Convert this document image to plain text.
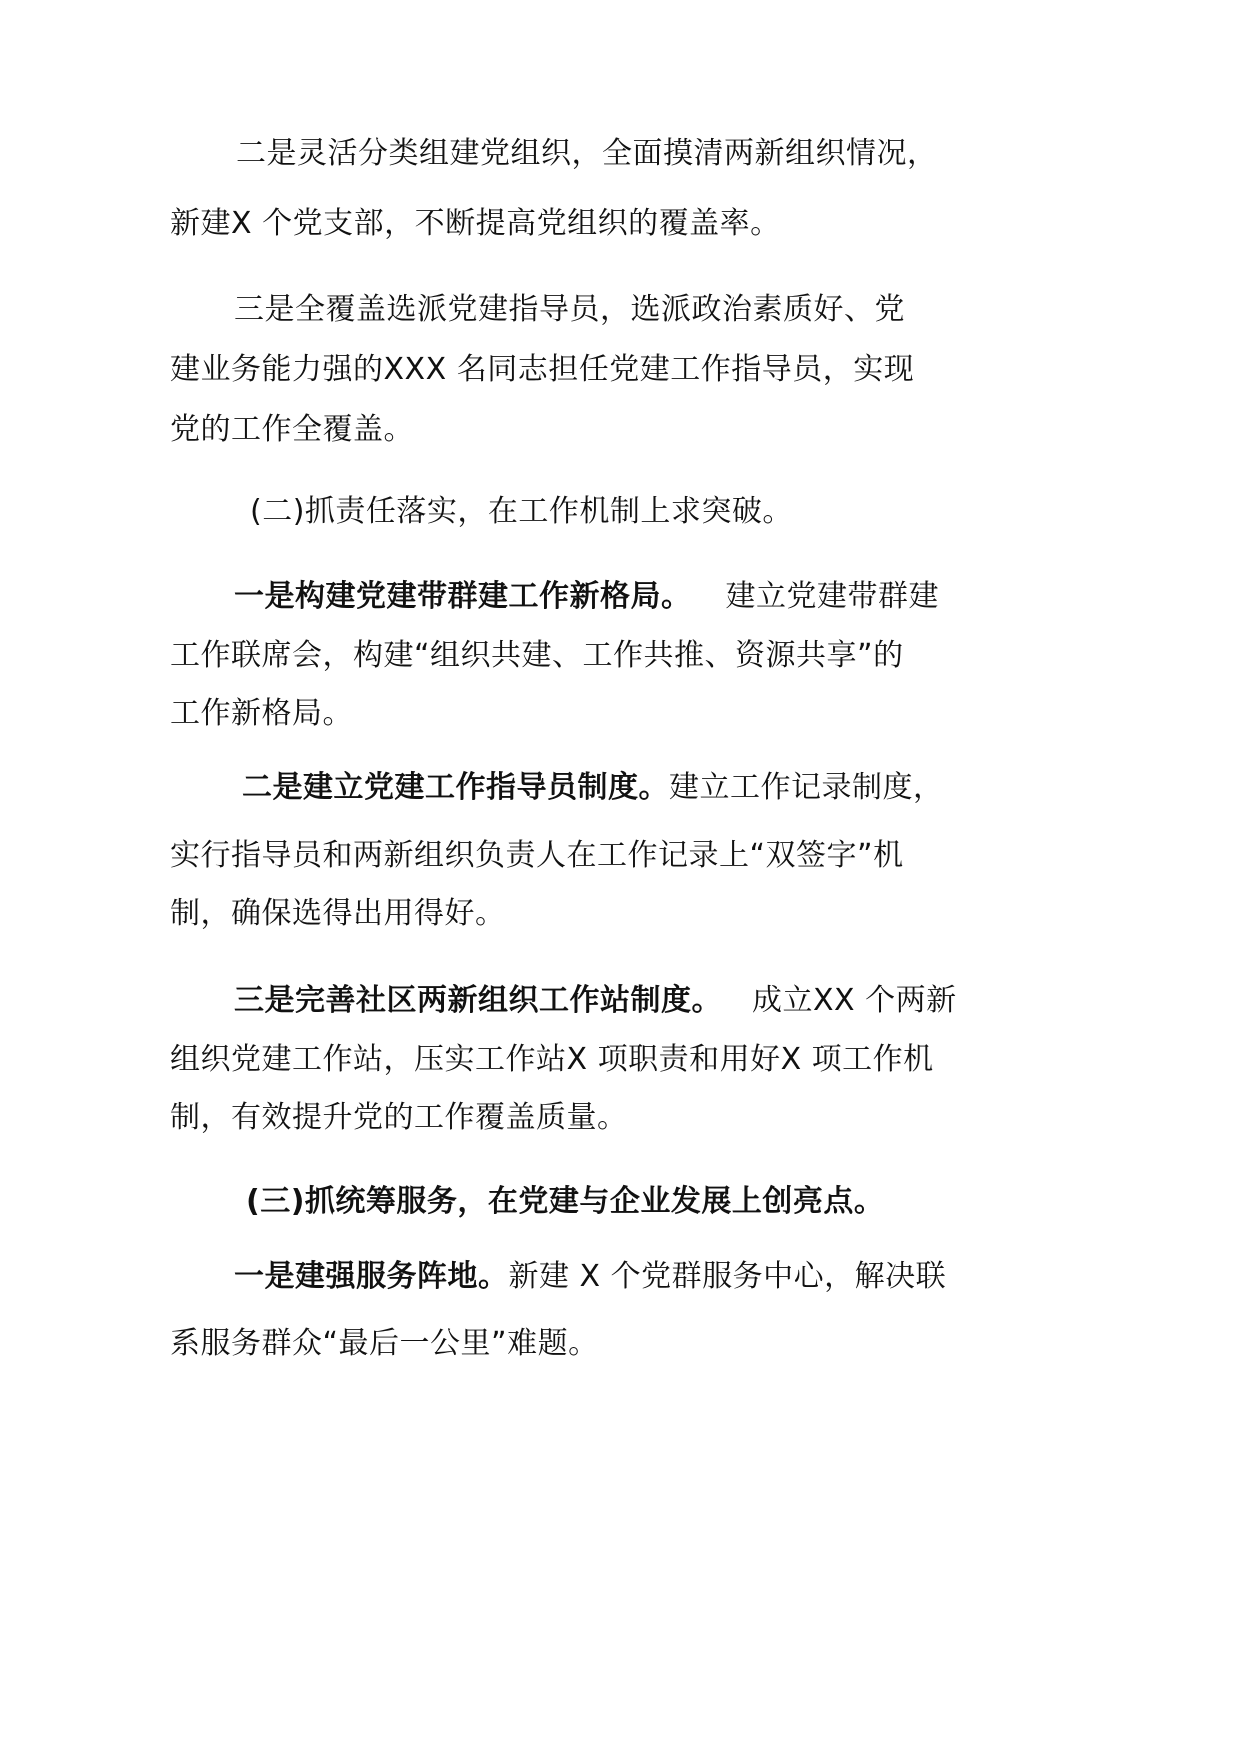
二是灵活分类组建党组织，全面摸清两新组织情况，
新建X 个党支部，不断提高党组织的覆盖率。
三是全覆盖选派党建指导员，选派政治素质好、党
建业务能力强的XXX 名同志担任党建工作指导员，实现
党的工作全覆盖。
(二)抓责任落实，在工作机制上求突破。
一是构建党建带群建工作新格局。 建立党建带群建
工作联席会，构建“组织共建、工作共推、资源共享”的
工作新格局。
二是建立党建工作指导员制度。建立工作记录制度，
实行指导员和两新组织负责人在工作记录上“双签字”机
制，确保选得出用得好。
三是完善社区两新组织工作站制度。 成立XX 个两新
组织党建工作站，压实工作站X 项职责和用好X 项工作机
制，有效提升党的工作覆盖质量。
(三)抓统筹服务，在党建与企业发展上创亮点。
一是建强服务阵地。新建 X 个党群服务中心，解决联
系服务群众“最后一公里”难题。
